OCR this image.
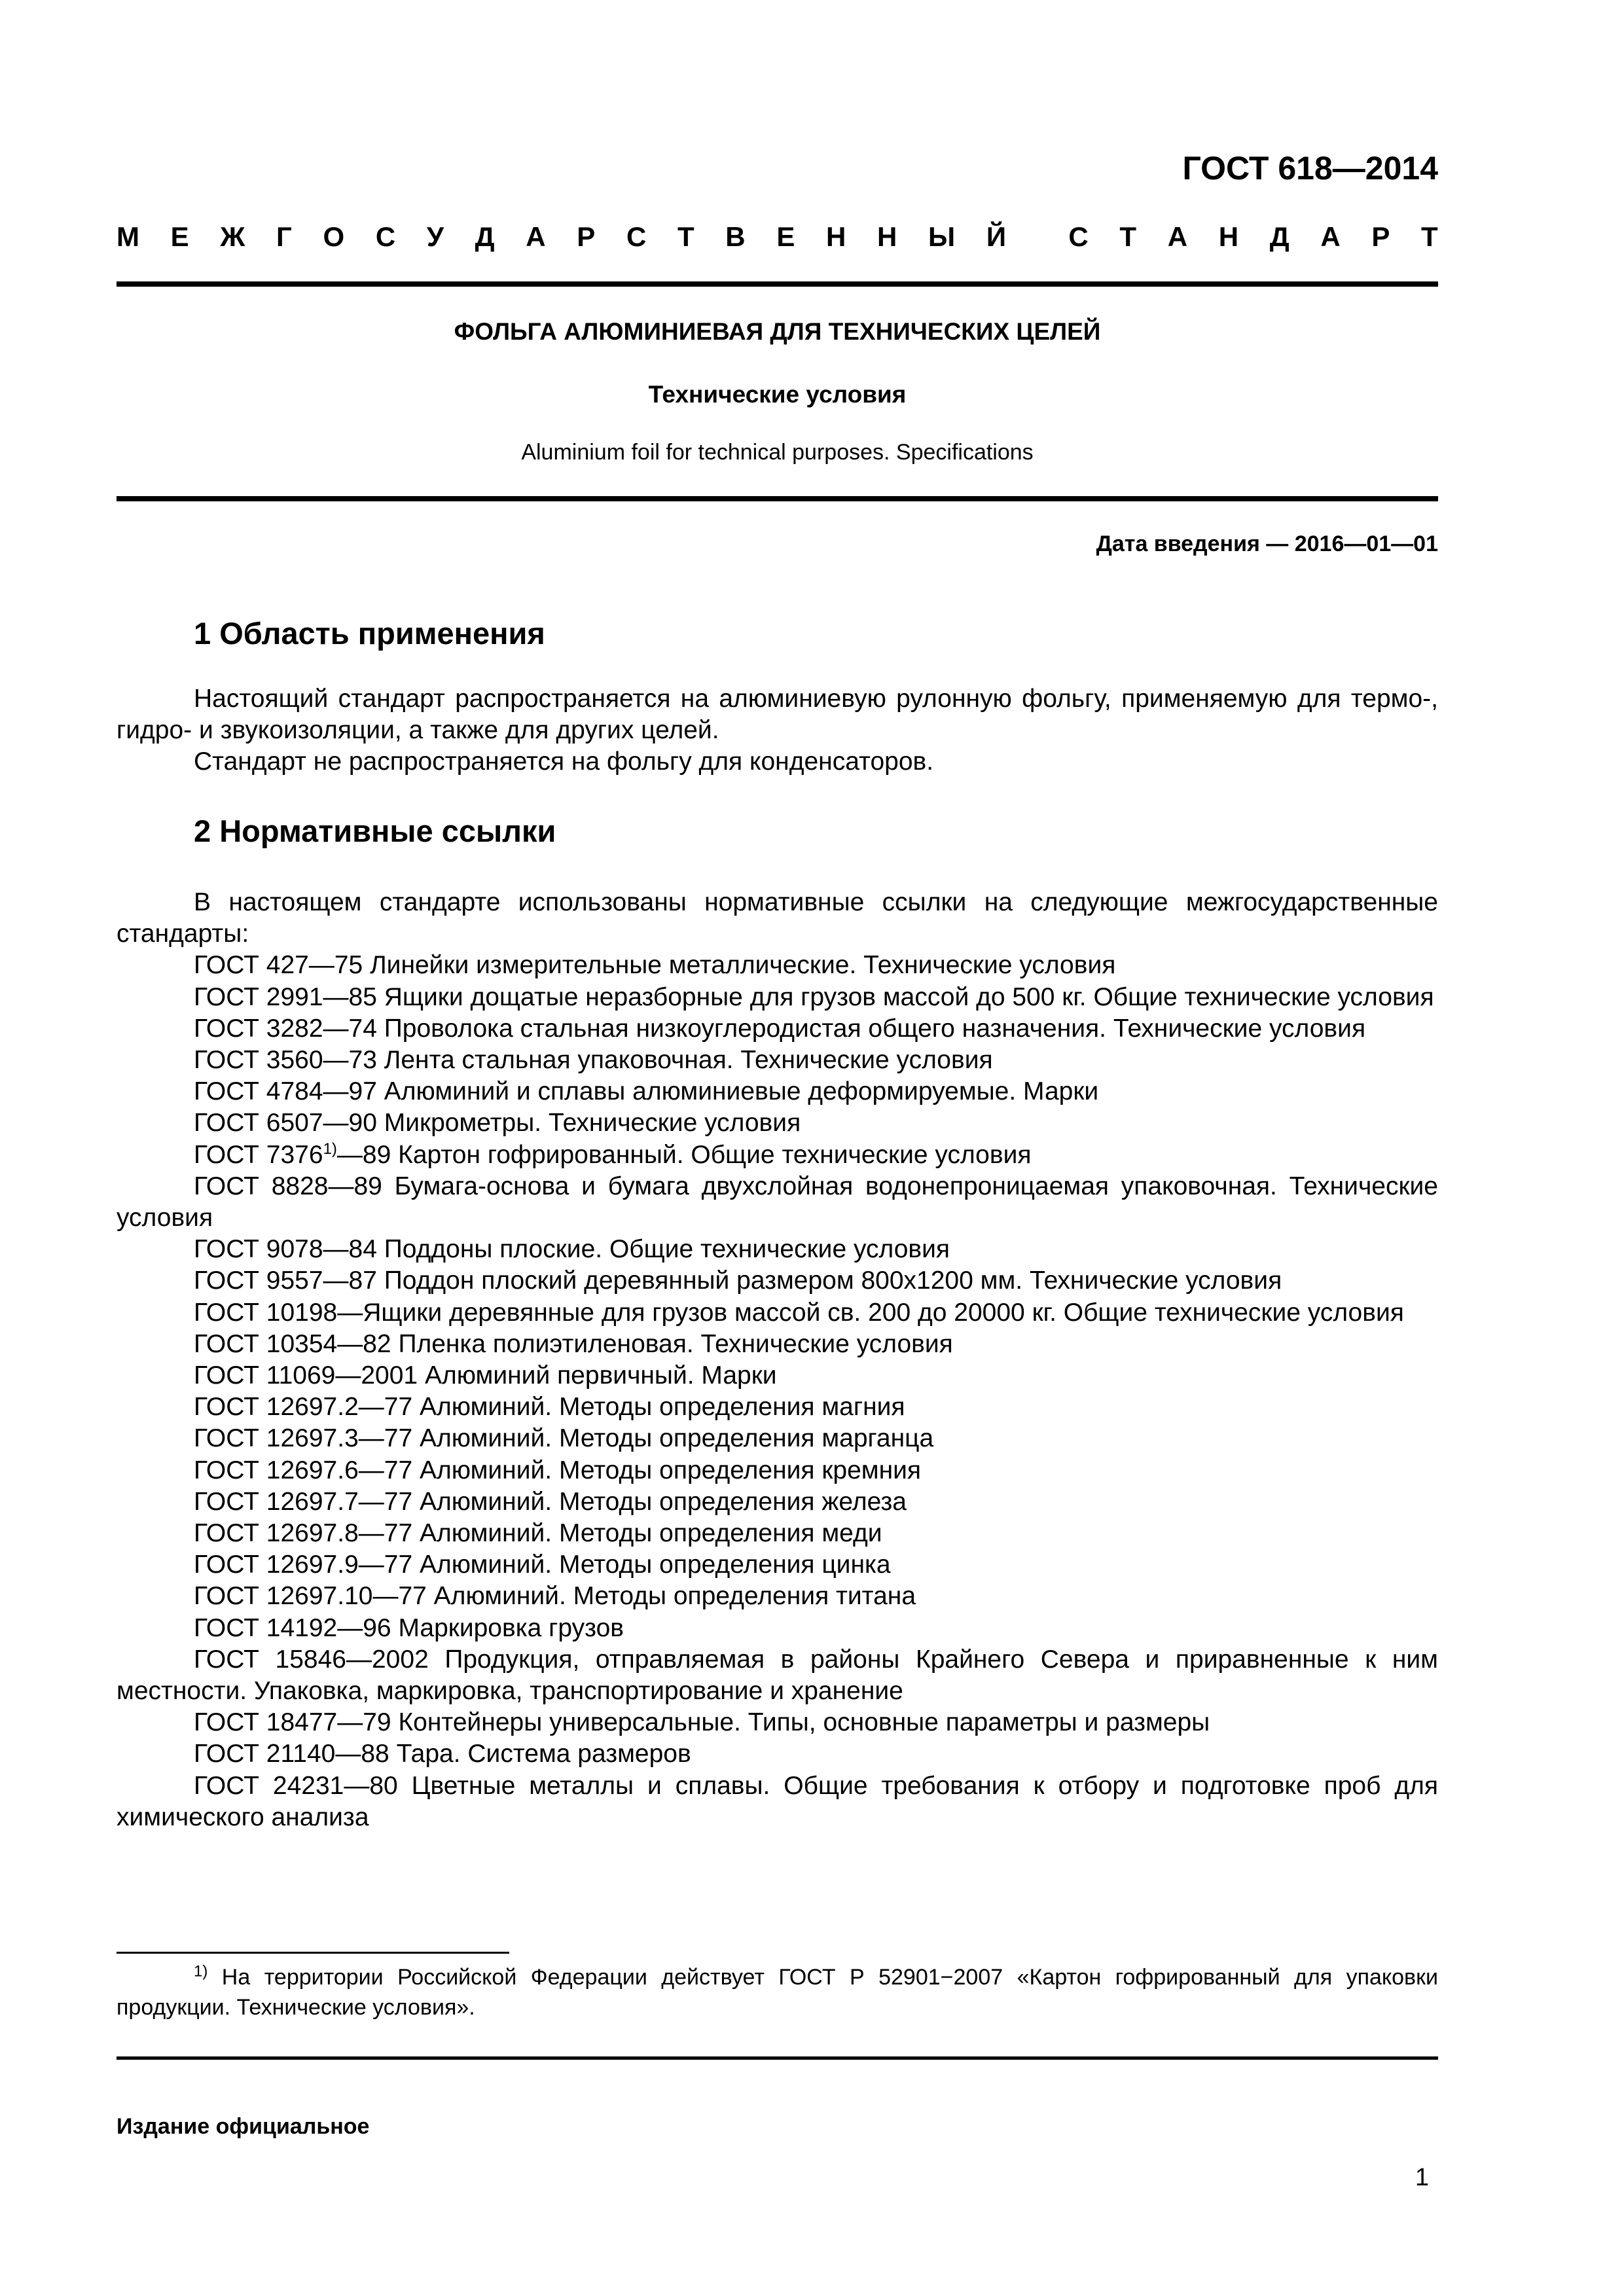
ГОСТ 618—2014
М Е Ж Г О С У Д А Р С Т В Е Н Н Ы Й С Т А Н Д А Р Т
ФОЛЬГА АЛЮМИНИЕВАЯ ДЛЯ ТЕХНИЧЕСКИХ ЦЕЛЕЙ
Технические условия
Aluminium foil for technical purposes. Specifications
Дата введения — 2016—01—01
1 Область применения
Настоящий стандарт распространяется на алюминиевую рулонную фольгу, применяемую для термо-, гидро- и звукоизоляции, а также для других целей.
Стандарт не распространяется на фольгу для конденсаторов.
2 Нормативные ссылки
В настоящем стандарте использованы нормативные ссылки на следующие межгосударственные стандарты:
ГОСТ 427—75 Линейки измерительные металлические. Технические условия
ГОСТ 2991—85 Ящики дощатые неразборные для грузов массой до 500 кг. Общие технические условия
ГОСТ 3282—74 Проволока стальная низкоуглеродистая общего назначения. Технические условия
ГОСТ 3560—73 Лента стальная упаковочная. Технические условия
ГОСТ 4784—97 Алюминий и сплавы алюминиевые деформируемые. Марки
ГОСТ 6507—90 Микрометры. Технические условия
ГОСТ 7376$^{1)}$—89 Картон гофрированный. Общие технические условия
ГОСТ 8828—89 Бумага-основа и бумага двухслойная водонепроницаемая упаковочная. Технические условия
ГОСТ 9078—84 Поддоны плоские. Общие технические условия
ГОСТ 9557—87 Поддон плоский деревянный размером 800х1200 мм. Технические условия
ГОСТ 10198—Ящики деревянные для грузов массой св. 200 до 20000 кг. Общие технические условия
ГОСТ 10354—82 Пленка полиэтиленовая. Технические условия
ГОСТ 11069—2001 Алюминий первичный. Марки
ГОСТ 12697.2—77 Алюминий. Методы определения магния
ГОСТ 12697.3—77 Алюминий. Методы определения марганца
ГОСТ 12697.6—77 Алюминий. Методы определения кремния
ГОСТ 12697.7—77 Алюминий. Методы определения железа
ГОСТ 12697.8—77 Алюминий. Методы определения меди
ГОСТ 12697.9—77 Алюминий. Методы определения цинка
ГОСТ 12697.10—77 Алюминий. Методы определения титана
ГОСТ 14192—96 Маркировка грузов
ГОСТ 15846—2002 Продукция, отправляемая в районы Крайнего Севера и приравненные к ним местности. Упаковка, маркировка, транспортирование и хранение
ГОСТ 18477—79 Контейнеры универсальные. Типы, основные параметры и размеры
ГОСТ 21140—88 Тара. Система размеров
ГОСТ 24231—80 Цветные металлы и сплавы. Общие требования к отбору и подготовке проб для химического анализа
$^{1)}$ На территории Российской Федерации действует ГОСТ Р 52901−2007 «Картон гофрированный для упаковки продукции. Технические условия».
Издание официальное
1
